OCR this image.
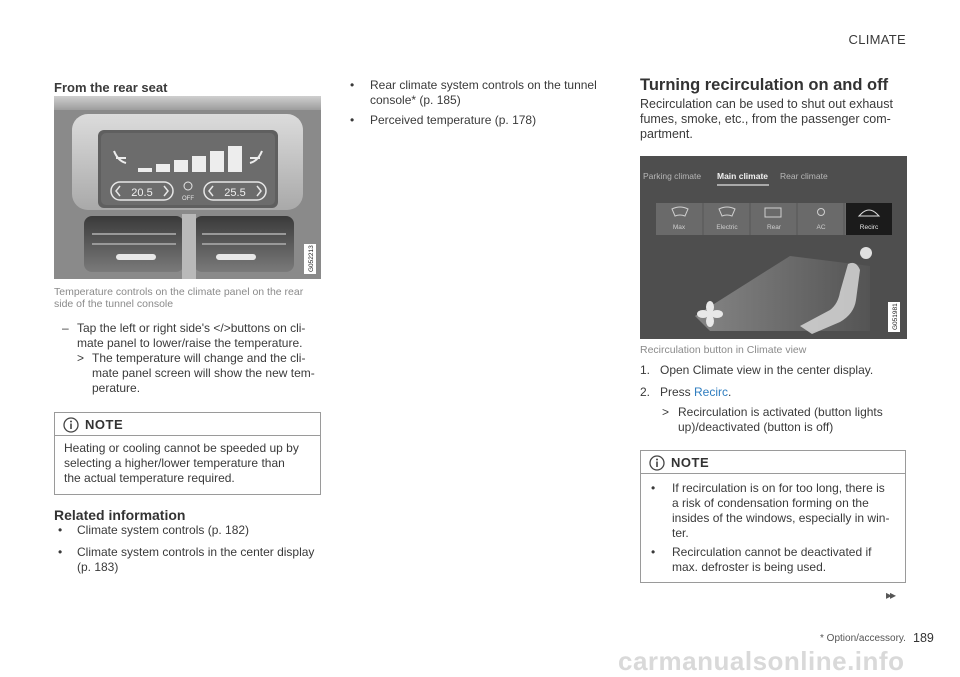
CLIMATE
From the rear seat
20.5	25.5
OFF
G052213
Temperature controls on the climate panel on the rear side of the tunnel console
– Tap the left or right side's </>buttons on cli-
mate panel to lower/raise the temperature.
> The temperature will change and the cli-
mate panel screen will show the new tem-
perature.
NOTE
Heating or cooling cannot be speeded up by
selecting a higher/lower temperature than
the actual temperature required.
Related information
• Climate system controls (p. 182)
• Climate system controls in the center display
(p. 183)
• Rear climate system controls on the tunnel
console* (p. 185)
• Perceived temperature (p. 178)
Turning recirculation on and off
Recirculation can be used to shut out exhaust
fumes, smoke, etc., from the passenger com-
partment.
Parking climate Main climate Rear climate
Max	Electric	Rear	AC	Recirc
G051981
Recirculation button in Climate view
1. Open Climate view in the center display.
2. Press Recirc.
> Recirculation is activated (button lights
up)/deactivated (button is off)
NOTE
• If recirculation is on for too long, there is
a risk of condensation forming on the
insides of the windows, especially in win-
ter.
• Recirculation cannot be deactivated if
max. defroster is being used.
▸▸
* Option/accessory. 189
carmanualsonline.info
